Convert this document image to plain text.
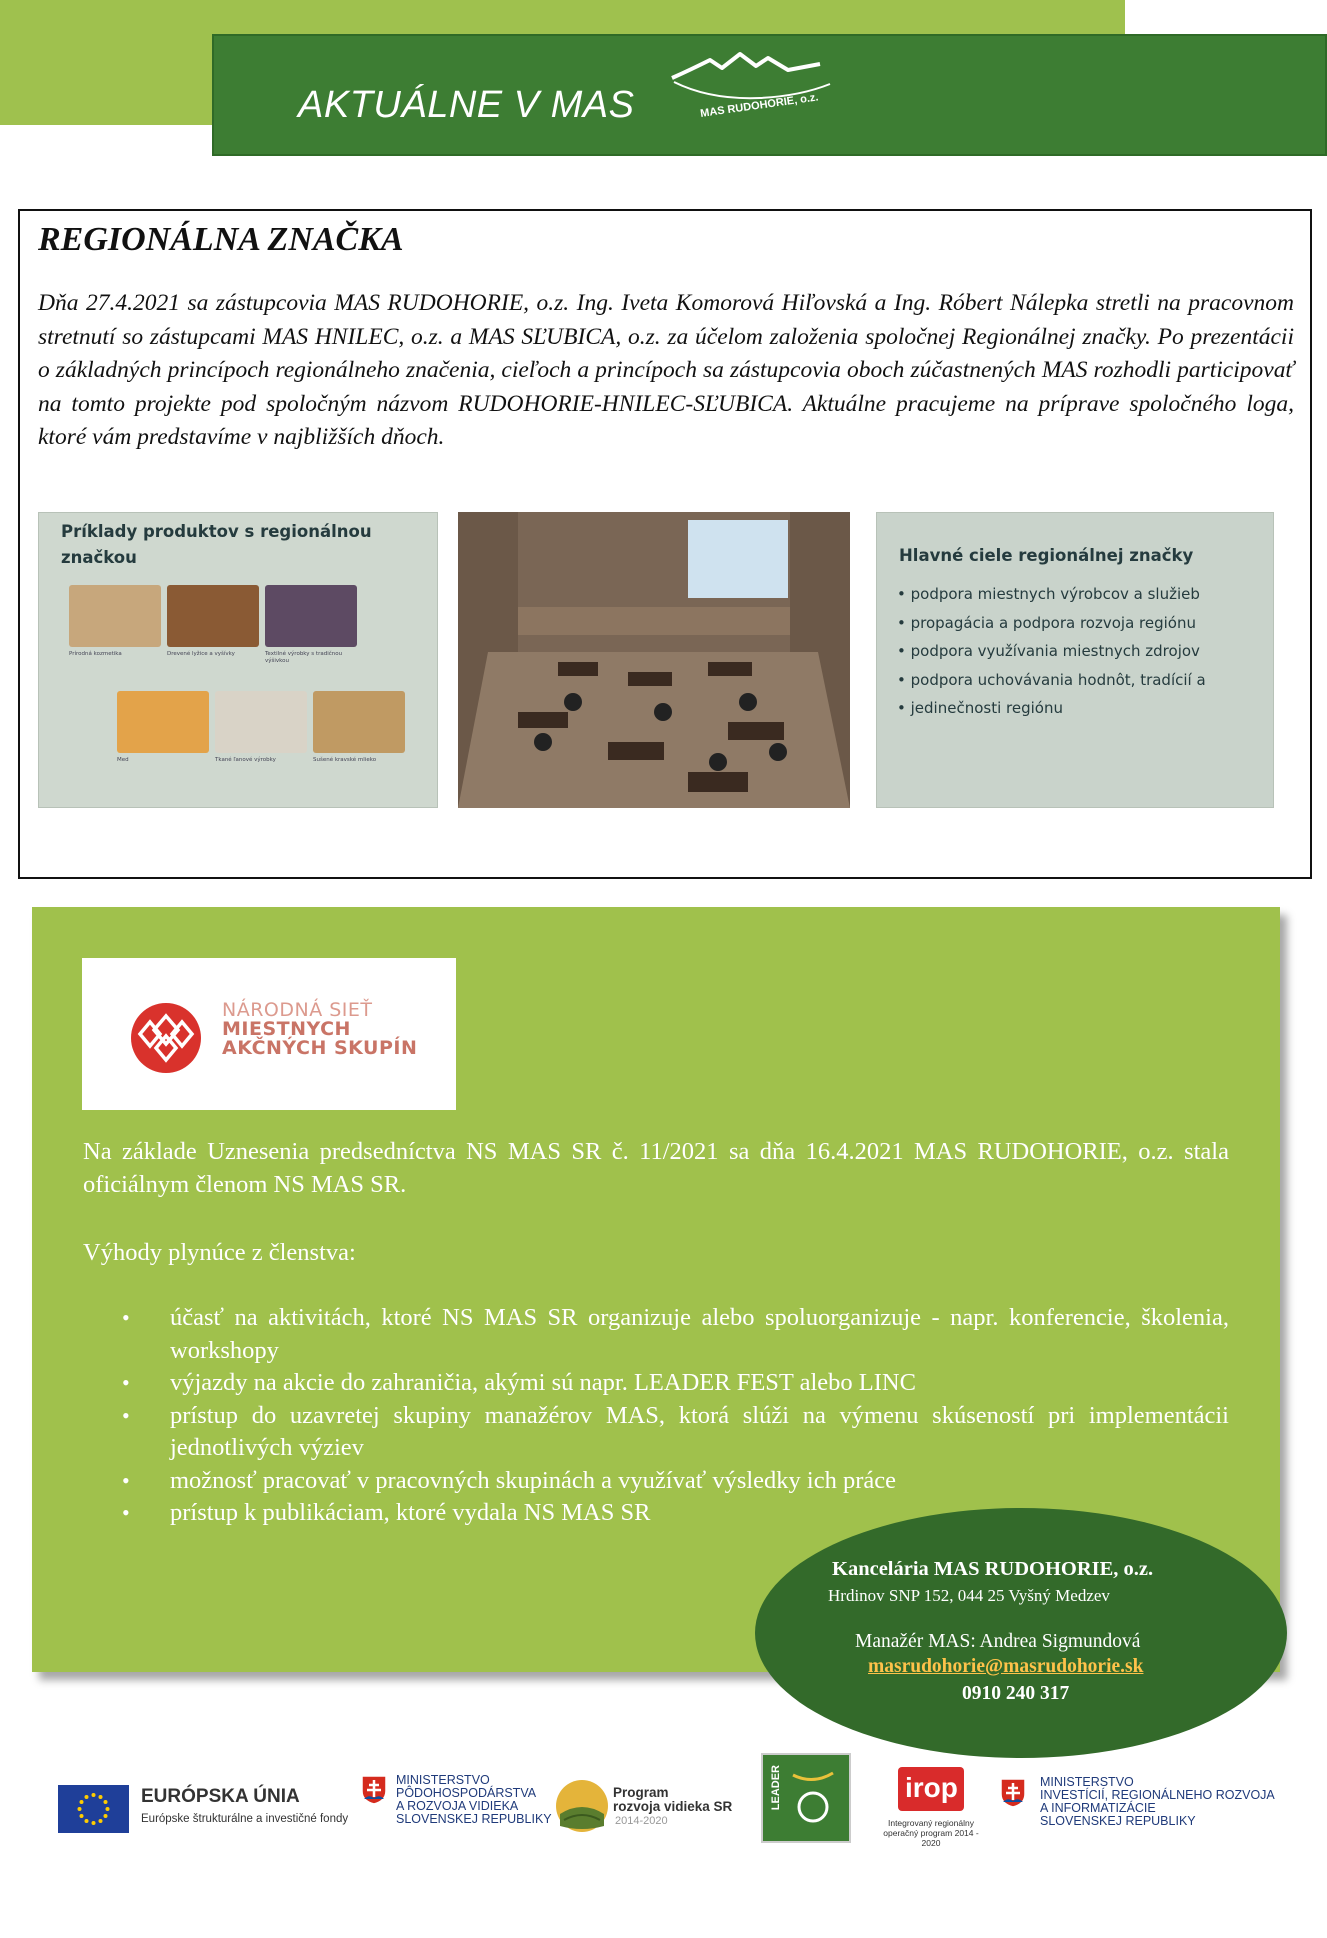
AKTUÁLNE V MAS	MAS RUDOHORIE, o.z.
REGIONÁLNA ZNAČKA
Dňa 27.4.2021 sa zástupcovia MAS RUDOHORIE, o.z. Ing. Iveta Komorová Hiľovská a Ing. Róbert Nálepka stretli na pracovnom stretnutí so zástupcami MAS HNILEC, o.z. a MAS SĽUBICA, o.z. za účelom založenia spoločnej Regionálnej značky. Po prezentácii o základných princípoch regionálneho značenia, cieľoch a princípoch sa zástupcovia oboch zúčastnených MAS rozhodli participovať na tomto projekte pod spoločným názvom RUDOHORIE-HNILEC-SĽUBICA. Aktuálne pracujeme na príprave spoločného loga, ktoré vám predstavíme v najbližších dňoch.
Príklady produktov s regionálnou
značkou
Prírodná kozmetika	Drevené lyžice a vyšívky	Textilné výrobky s tradičnou výšivkou
Med	Tkané ľanové výrobky	Sušené kravské mlieko
Hlavné ciele regionálnej značky
• podpora miestnych výrobcov a služieb
• propagácia a podpora rozvoja regiónu
• podpora využívania miestnych zdrojov
• podpora uchovávania hodnôt, tradícií a
• jedinečnosti regiónu
NÁRODNÁ SIEŤ
MIESTNYCH
AKČNÝCH SKUPÍN
Na základe Uznesenia predsedníctva NS MAS SR č. 11/2021 sa dňa 16.4.2021 MAS RUDOHORIE, o.z. stala oficiálnym členom NS MAS SR.
Výhody plynúce z členstva:
• účasť na aktivitách, ktoré NS MAS SR organizuje alebo spoluorganizuje - napr. konferencie, školenia, workshopy
• výjazdy na akcie do zahraničia, akými sú napr. LEADER FEST alebo LINC
• prístup do uzavretej skupiny manažérov MAS, ktorá slúži na výmenu skúseností pri implementácii jednotlivých výziev
• možnosť pracovať v pracovných skupinách a využívať výsledky ich práce
• prístup k publikáciam, ktoré vydala NS MAS SR
Kancelária MAS RUDOHORIE, o.z.
Hrdinov SNP 152, 044 25 Vyšný Medzev
Manažér MAS: Andrea Sigmundová
masrudohorie@masrudohorie.sk
0910 240 317
EURÓPSKA ÚNIA
Európske štrukturálne a investičné fondy
MINISTERSTVO
PÔDOHOSPODÁRSTVA
A ROZVOJA VIDIEKA
SLOVENSKEJ REPUBLIKY
Program
rozvoja vidieka SR
2014-2020
LEADER	irop
Integrovaný regionálny operačný program 2014 - 2020
MINISTERSTVO
INVESTÍCIÍ, REGIONÁLNEHO ROZVOJA
A INFORMATIZÁCIE
SLOVENSKEJ REPUBLIKY
